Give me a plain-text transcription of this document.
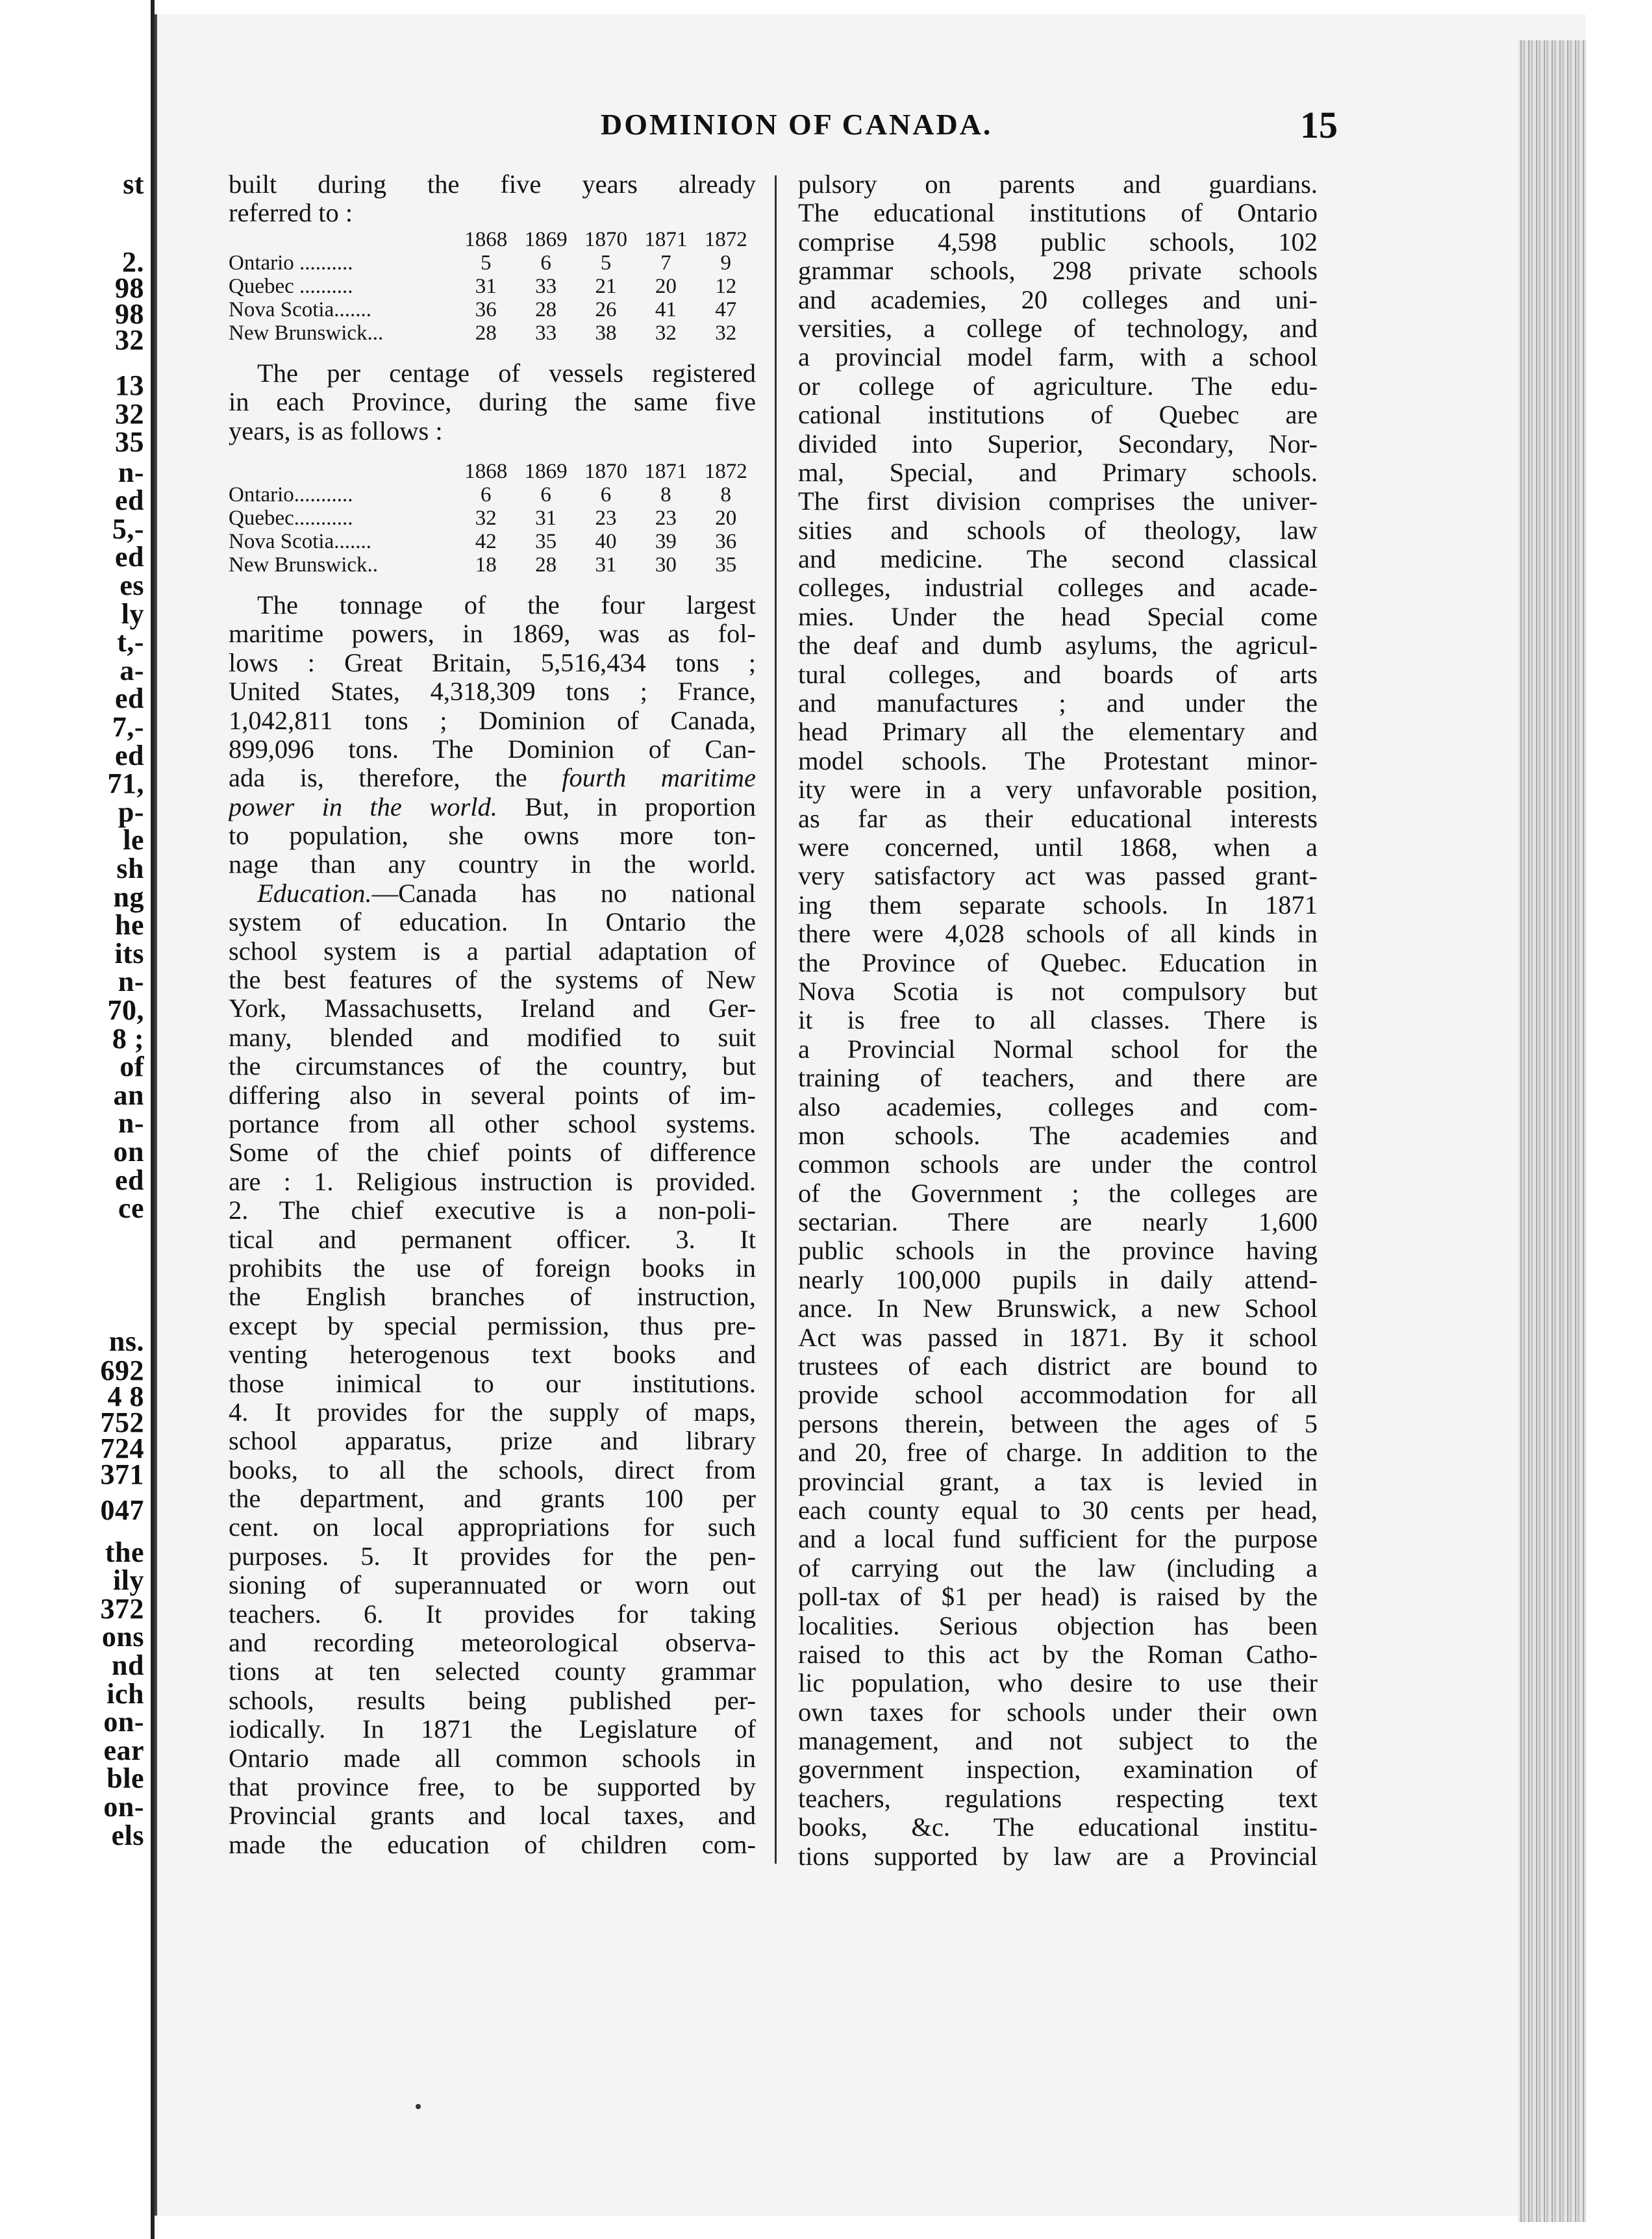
st
2.
98
98
32
13
32
35
n-
ed
5,-
ed
es
ly
t,-
a-
ed
7,-
ed
71,
p-
le
sh
ng
he
its
n-
70,
8 ;
of
an
n-
on
ed
ce
ns.
692
4 8
752
724
371
047
the
ily
372
ons
nd
ich
on-
ear
ble
on-
els
DOMINION OF CANADA.	15
built during the five years already
referred to :
	1868	1869	1870	1871	1872
Ontario ..........	5	6	5	7	9
Quebec ..........	31	33	21	20	12
Nova Scotia.......	36	28	26	41	47
New Brunswick...	28	33	38	32	32
The per centage of vessels registered
in each Province, during the same five
years, is as follows :
	1868	1869	1870	1871	1872
Ontario...........	6	6	6	8	8
Quebec...........	32	31	23	23	20
Nova Scotia.......	42	35	40	39	36
New Brunswick..	18	28	31	30	35
The tonnage of the four largest
maritime powers, in 1869, was as fol-
lows : Great Britain, 5,516,434 tons ;
United States, 4,318,309 tons ; France,
1,042,811 tons ; Dominion of Canada,
899,096 tons. The Dominion of Can-
ada is, therefore, the fourth maritime
power in the world. But, in proportion
to population, she owns more ton-
nage than any country in the world.
Education.—Canada has no national
system of education. In Ontario the
school system is a partial adaptation of
the best features of the systems of New
York, Massachusetts, Ireland and Ger-
many, blended and modified to suit
the circumstances of the country, but
differing also in several points of im-
portance from all other school systems.
Some of the chief points of difference
are : 1. Religious instruction is provided.
2. The chief executive is a non-poli-
tical and permanent officer. 3. It
prohibits the use of foreign books in
the English branches of instruction,
except by special permission, thus pre-
venting heterogenous text books and
those inimical to our institutions.
4. It provides for the supply of maps,
school apparatus, prize and library
books, to all the schools, direct from
the department, and grants 100 per
cent. on local appropriations for such
purposes. 5. It provides for the pen-
sioning of superannuated or worn out
teachers. 6. It provides for taking
and recording meteorological observa-
tions at ten selected county grammar
schools, results being published per-
iodically. In 1871 the Legislature of
Ontario made all common schools in
that province free, to be supported by
Provincial grants and local taxes, and
made the education of children com-
pulsory on parents and guardians.
The educational institutions of Ontario
comprise 4,598 public schools, 102
grammar schools, 298 private schools
and academies, 20 colleges and uni-
versities, a college of technology, and
a provincial model farm, with a school
or college of agriculture. The edu-
cational institutions of Quebec are
divided into Superior, Secondary, Nor-
mal, Special, and Primary schools.
The first division comprises the univer-
sities and schools of theology, law
and medicine. The second classical
colleges, industrial colleges and acade-
mies. Under the head Special come
the deaf and dumb asylums, the agricul-
tural colleges, and boards of arts
and manufactures ; and under the
head Primary all the elementary and
model schools. The Protestant minor-
ity were in a very unfavorable position,
as far as their educational interests
were concerned, until 1868, when a
very satisfactory act was passed grant-
ing them separate schools. In 1871
there were 4,028 schools of all kinds in
the Province of Quebec. Education in
Nova Scotia is not compulsory but
it is free to all classes. There is
a Provincial Normal school for the
training of teachers, and there are
also academies, colleges and com-
mon schools. The academies and
common schools are under the control
of the Government ; the colleges are
sectarian. There are nearly 1,600
public schools in the province having
nearly 100,000 pupils in daily attend-
ance. In New Brunswick, a new School
Act was passed in 1871. By it school
trustees of each district are bound to
provide school accommodation for all
persons therein, between the ages of 5
and 20, free of charge. In addition to the
provincial grant, a tax is levied in
each county equal to 30 cents per head,
and a local fund sufficient for the purpose
of carrying out the law (including a
poll-tax of $1 per head) is raised by the
localities. Serious objection has been
raised to this act by the Roman Catho-
lic population, who desire to use their
own taxes for schools under their own
management, and not subject to the
government inspection, examination of
teachers, regulations respecting text
books, &c. The educational institu-
tions supported by law are a Provincial
